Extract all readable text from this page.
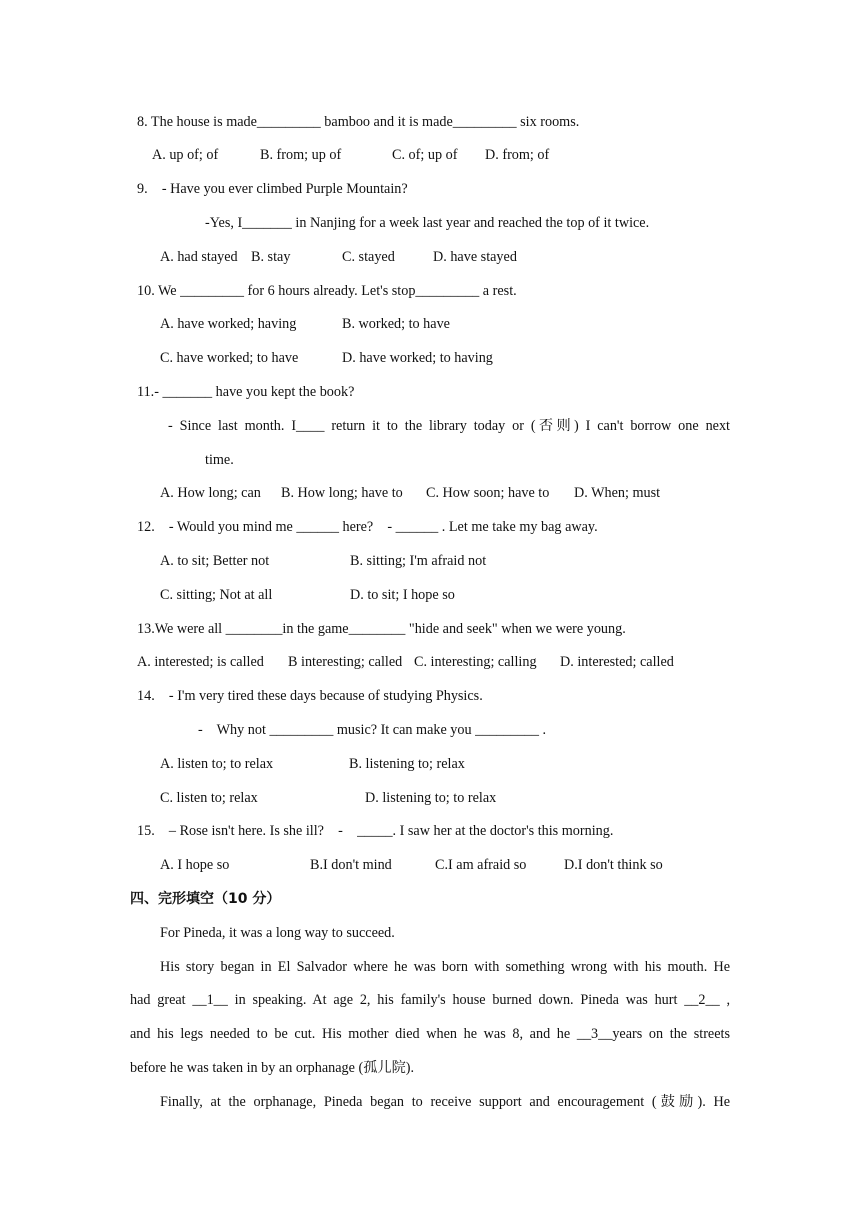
8. The house is made_________ bamboo and it is made_________ six rooms.

A. up of; of

	B. from; up of

	C. of; up of

D. from; of

9.    - Have you ever climbed Purple Mountain?
-Yes, I_______ in Nanjing for a week last year and reached the top of it twice.

A. had stayed

B. stay

	C. stayed

	D. have stayed

10. We _________ for 6 hours already. Let's stop_________ a rest.

A. have worked; having

	B. worked; to have

C. have worked; to have

	D. have worked; to having

11.- _______ have you kept the book?
- Since last month. I____ return it to the library today or (否则) I can't borrow one next
time.

A. How long; can

B. How long; have to

C. How soon; have to

D. When; must

12.    - Would you mind me ______ here?    - ______ . Let me take my bag away.

A. to sit; Better not

	B. sitting; I'm afraid not

C. sitting; Not at all

	D. to sit; I hope so

13.We were all ________in the game________ "hide and seek" when we were young.

A. interested; is called

B interesting; called

C. interesting; calling

D. interested; called

14.    - I'm very tired these days because of studying Physics.
-    Why not _________ music? It can make you _________ .

A. listen to; to relax

	B. listening to; relax

C. listen to; relax

	D. listening to; to relax

15.    – Rose isn't here. Is she ill?    -    _____. I saw her at the doctor's this morning.

A. I hope so

	B.I don't mind

	C.I am afraid so

	D.I don't think so

四、完形填空（10 分）
For Pineda, it was a long way to succeed.
His story began in El Salvador where he was born with something wrong with his mouth. He
had great __1__ in speaking. At age 2, his family's house burned down. Pineda was hurt __2__ ,
and his legs needed to be cut. His mother died when he was 8, and he __3__years on the streets
before he was taken in by an orphanage (孤儿院).
Finally, at the orphanage, Pineda began to receive support and encouragement (鼓励). He
